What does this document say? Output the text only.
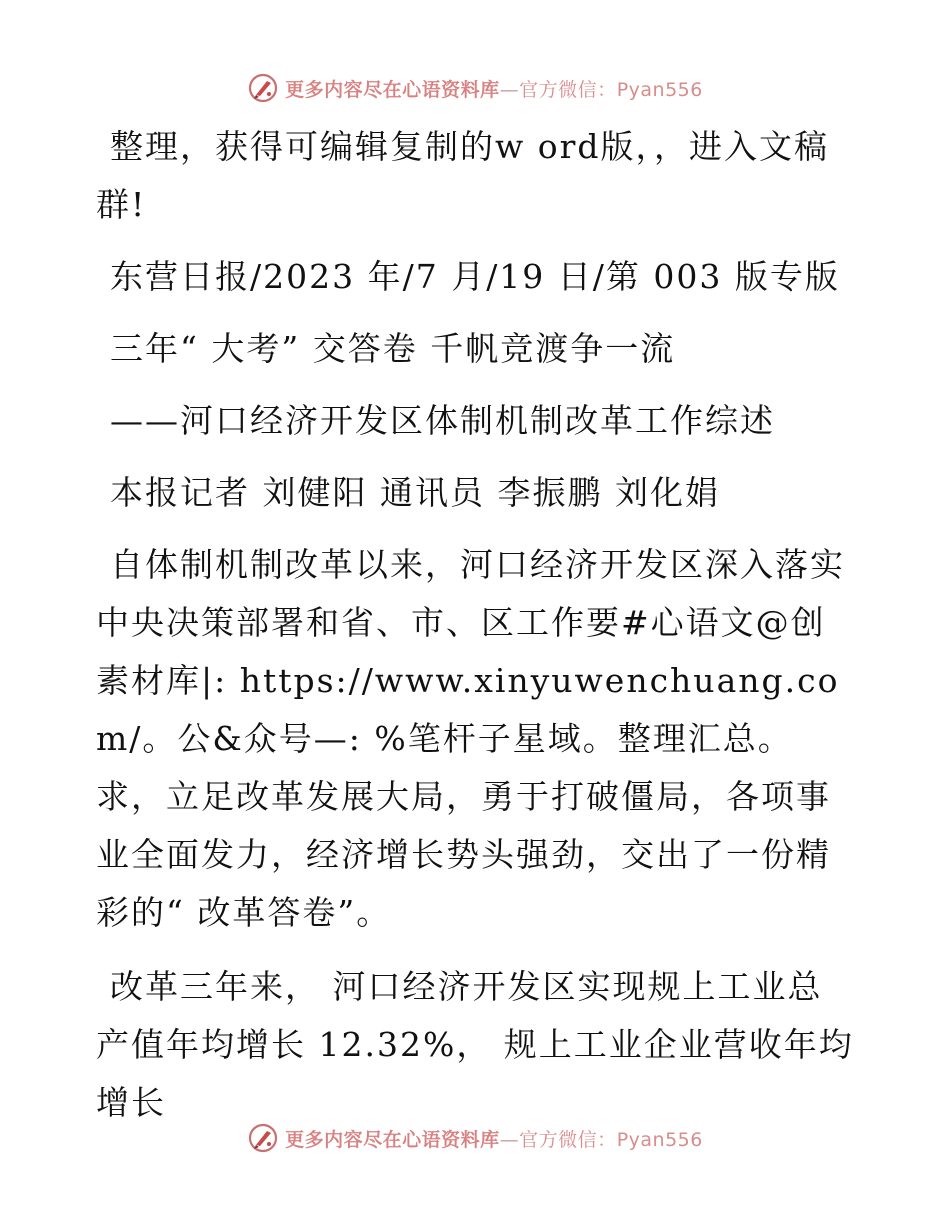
更多内容尽在心语资料库—官方微信：Pyan556

整理，获得可编辑复制的w ord版，，进入文稿群!

东营日报/2023 年/7 月/19 日/第 003 版专版

三年“ 大考” 交答卷 千帆竞渡争一流

——河口经济开发区体制机制改革工作综述

本报记者 刘健阳 通讯员 李振鹏 刘化娟

自体制机制改革以来，河口经济开发区深入落实中央决策部署和省、市、区工作要#心语文@创素材库|: https://www.xinyuwenchuang.com/。公&众号—: %笔杆子星域。整理汇总。求，立足改革发展大局，勇于打破僵局，各项事业全面发力，经济增长势头强劲，交出了一份精彩的“ 改革答卷”。

改革三年来， 河口经济开发区实现规上工业总产值年均增长 12.32%， 规上工业企业营收年均增长

更多内容尽在心语资料库—官方微信：Pyan556
